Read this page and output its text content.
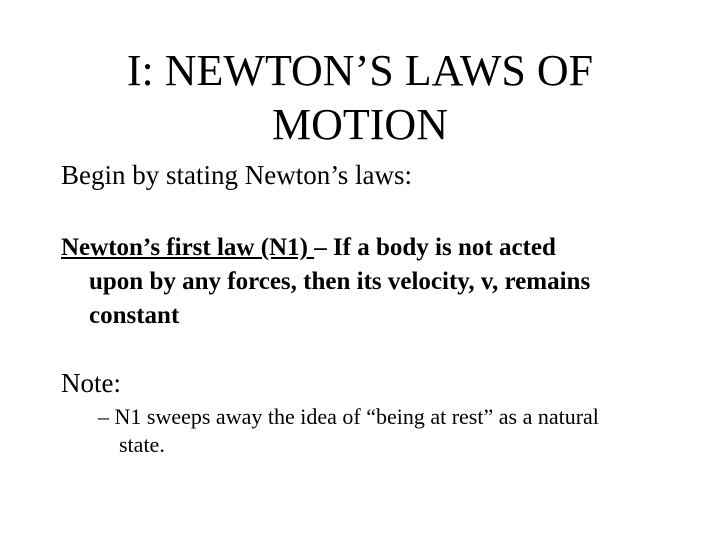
I: NEWTON’S LAWS OF
MOTION

Begin by stating Newton’s laws:

Newton’s first law (N1) – If a body is not acted
upon by any forces, then its velocity, v, remains
constant

Note:

– N1 sweeps away the idea of “being at rest” as a natural
state.
